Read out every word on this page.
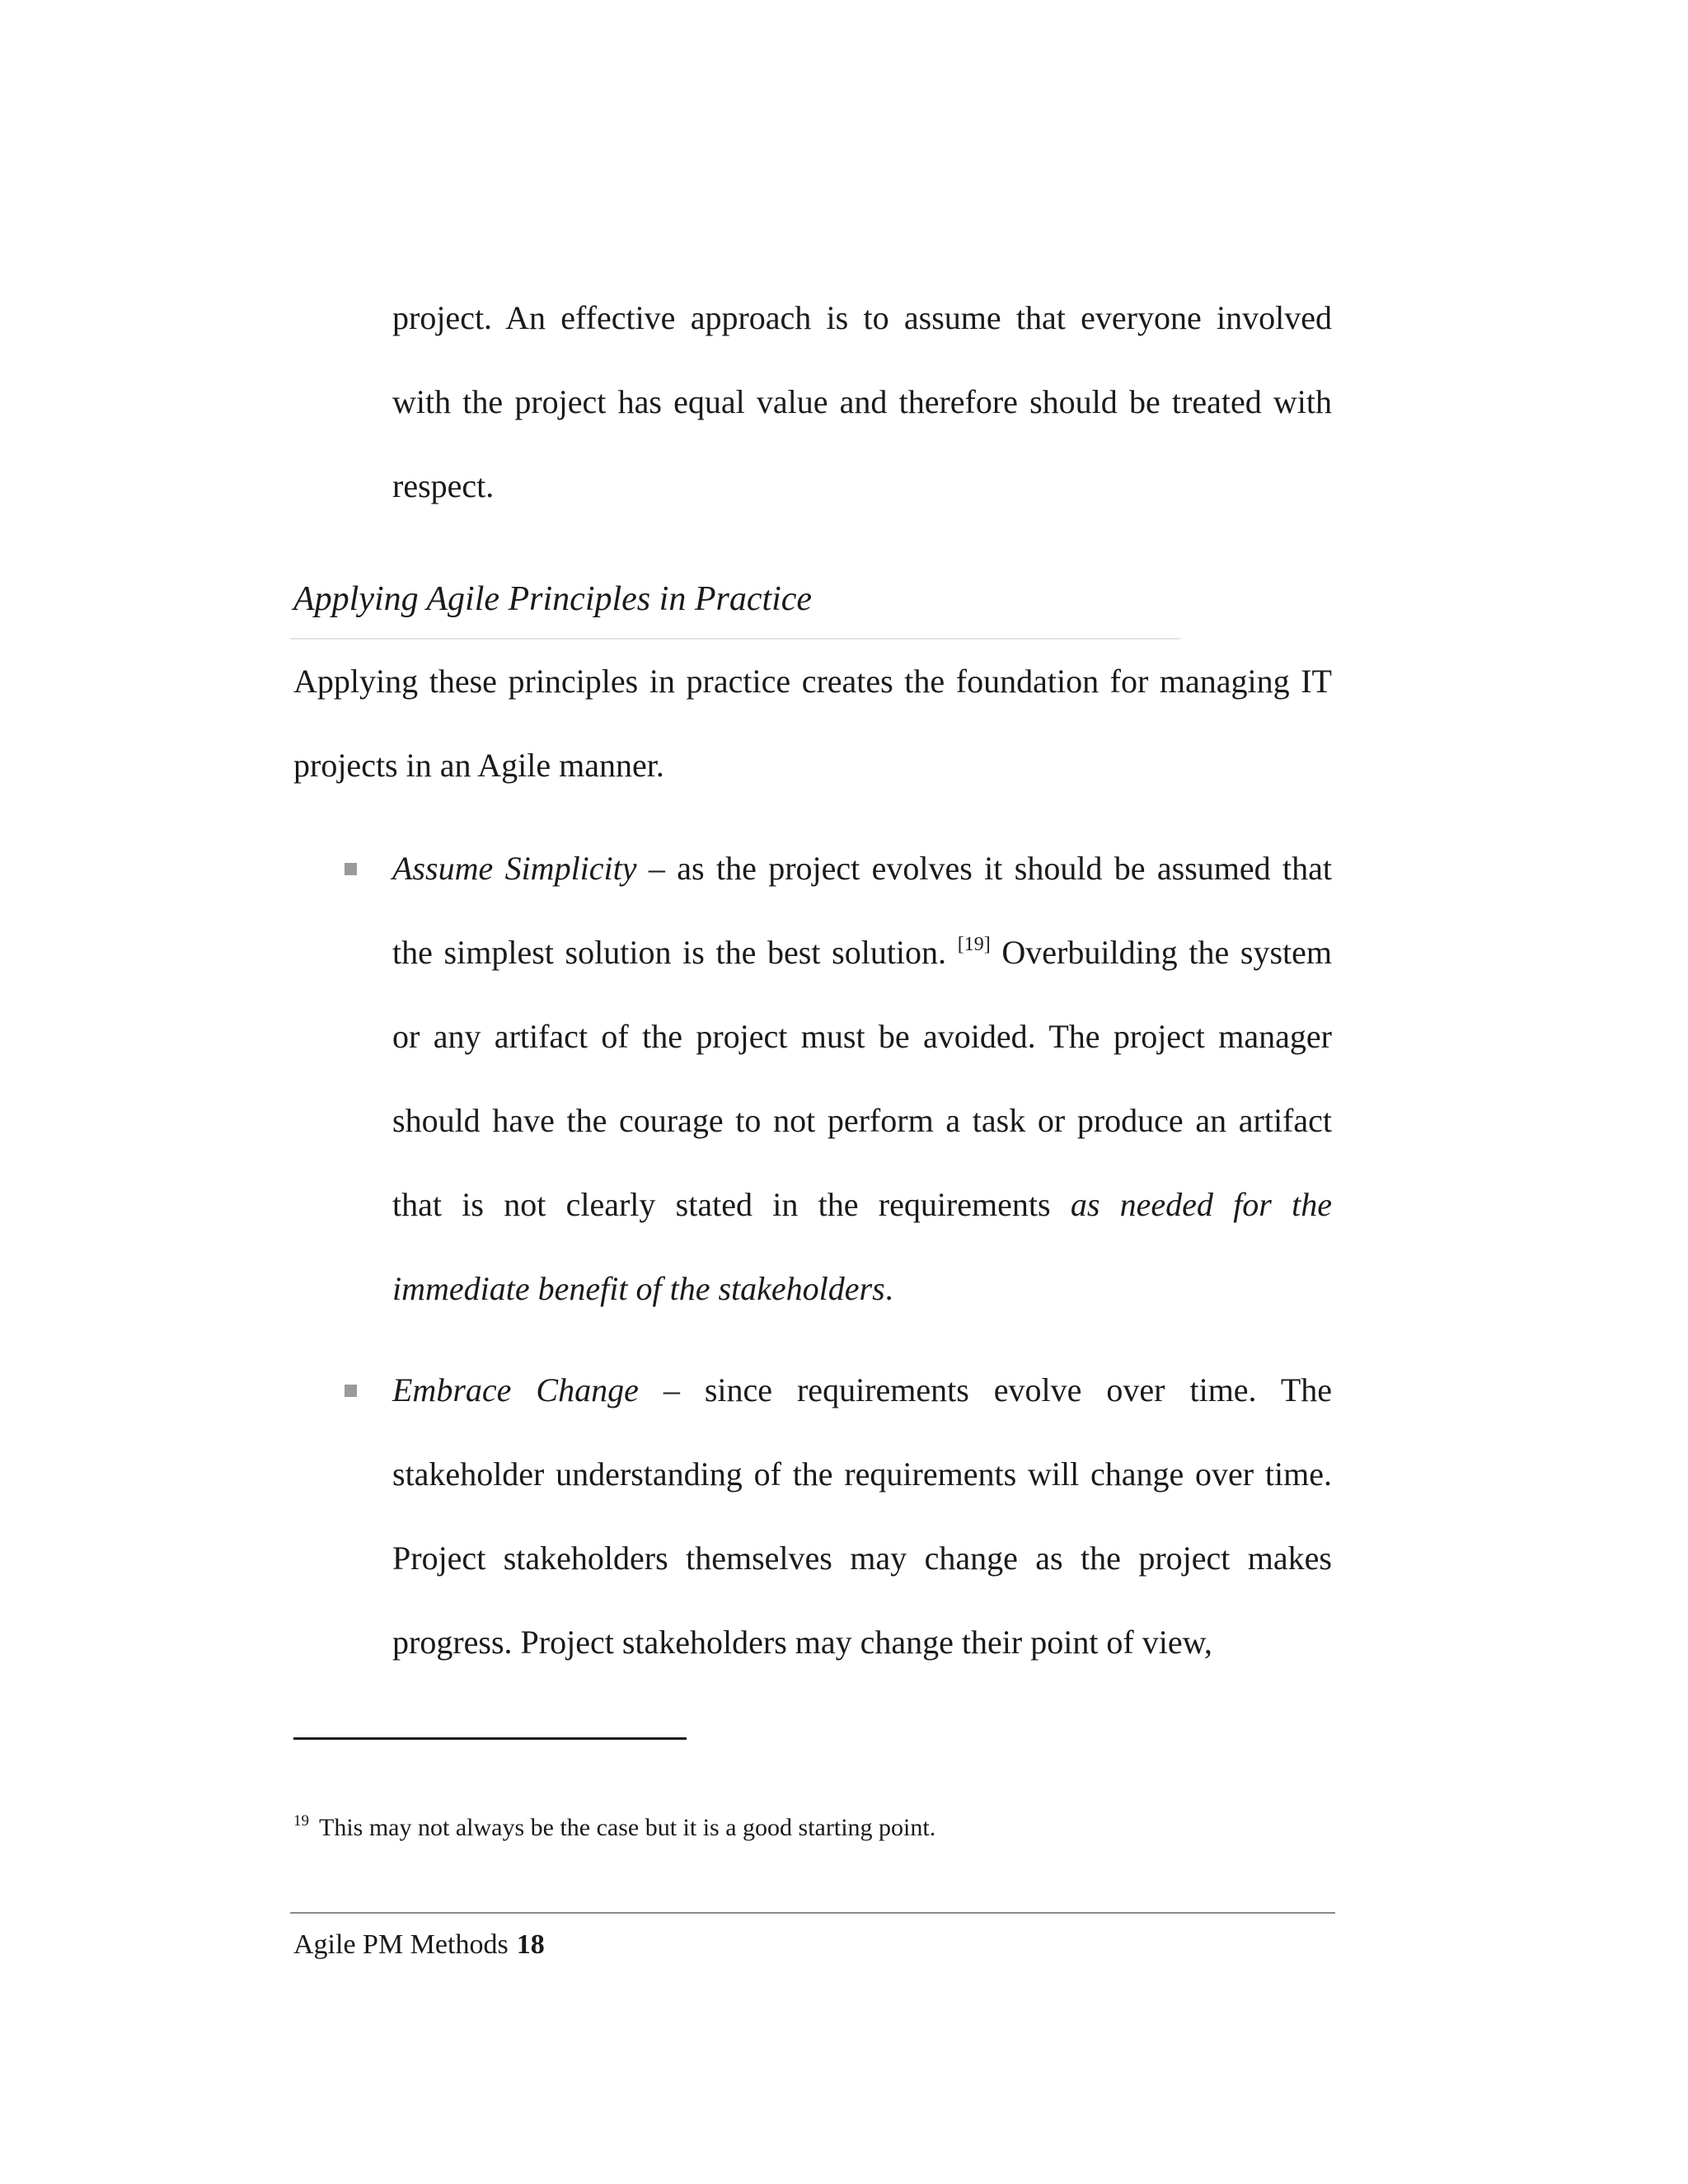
project. An effective approach is to assume that everyone involved with the project has equal value and therefore should be treated with respect.

Applying Agile Principles in Practice

Applying these principles in practice creates the foundation for managing IT projects in an Agile manner.

Assume Simplicity – as the project evolves it should be assumed that the simplest solution is the best solution. [19] Overbuilding the system or any artifact of the project must be avoided. The project manager should have the courage to not perform a task or produce an artifact that is not clearly stated in the requirements as needed for the immediate benefit of the stakeholders.

Embrace Change – since requirements evolve over time. The stakeholder understanding of the requirements will change over time. Project stakeholders themselves may change as the project makes progress. Project stakeholders may change their point of view,

$^{19}$ This may not always be the case but it is a good starting point.

Agile PM Methods 18
